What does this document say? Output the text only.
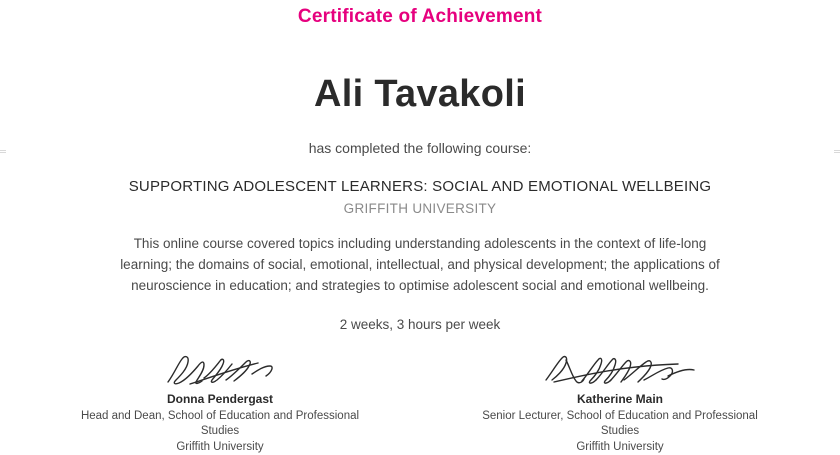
Certificate of Achievement
Ali Tavakoli
has completed the following course:
SUPPORTING ADOLESCENT LEARNERS: SOCIAL AND EMOTIONAL WELLBEING
GRIFFITH UNIVERSITY
This online course covered topics including understanding adolescents in the context of life-long learning; the domains of social, emotional, intellectual, and physical development; the applications of neuroscience in education; and strategies to optimise adolescent social and emotional wellbeing.
2 weeks, 3 hours per week
Donna Pendergast
Head and Dean, School of Education and Professional Studies
Griffith University
Katherine Main
Senior Lecturer, School of Education and Professional Studies
Griffith University
